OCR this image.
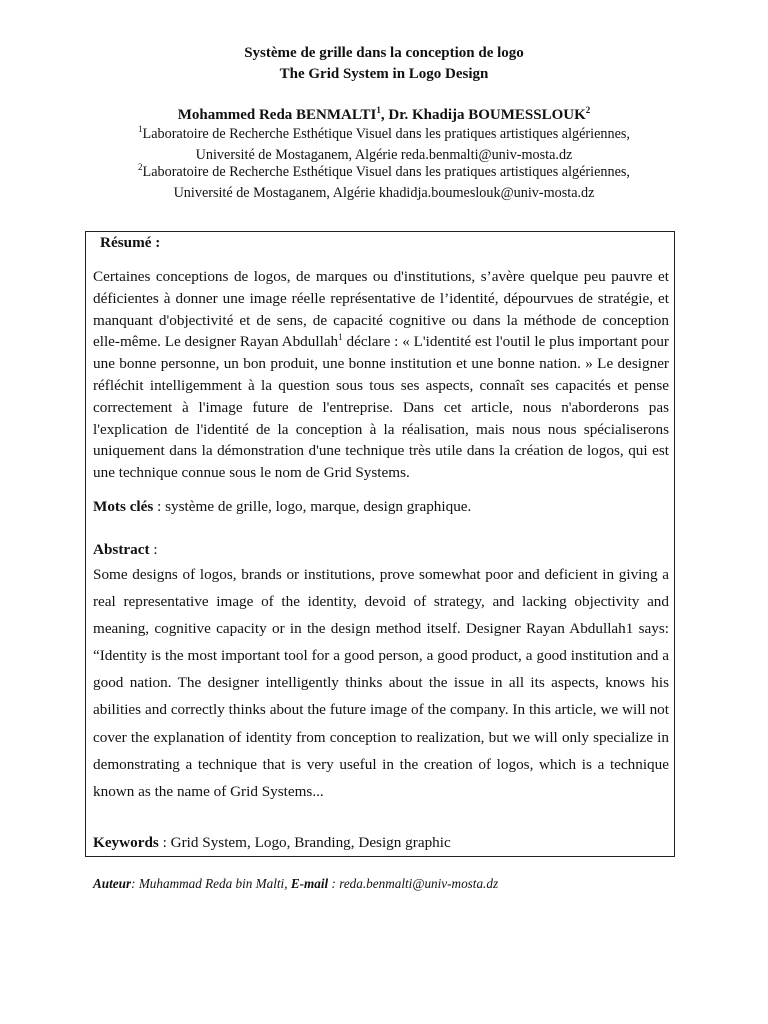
Système de grille dans la conception de logo
The Grid System in Logo Design
Mohammed Reda BENMALTI$^1$, Dr. Khadija BOUMESSLOUK$^2$
$^1$Laboratoire de Recherche Esthétique Visuel dans les pratiques artistiques algériennes,
Université de Mostaganem, Algérie reda.benmalti@univ-mosta.dz
$^2$Laboratoire de Recherche Esthétique Visuel dans les pratiques artistiques algériennes,
Université de Mostaganem, Algérie khadidja.boumeslouk@univ-mosta.dz
Résumé :
Certaines conceptions de logos, de marques ou d'institutions, s’avère quelque peu pauvre et déficientes à donner une image réelle représentative de l’identité, dépourvues de stratégie, et manquant d'objectivité et de sens, de capacité cognitive ou dans la méthode de conception elle-même. Le designer Rayan Abdullah$^1$ déclare : « L'identité est l'outil le plus important pour une bonne personne, un bon produit, une bonne institution et une bonne nation. » Le designer réfléchit intelligemment à la question sous tous ses aspects, connaît ses capacités et pense correctement à l'image future de l'entreprise. Dans cet article, nous n'aborderons pas l'explication de l'identité de la conception à la réalisation, mais nous nous spécialiserons uniquement dans la démonstration d'une technique très utile dans la création de logos, qui est une technique connue sous le nom de Grid Systems.
Mots clés : système de grille, logo, marque, design graphique.
Abstract :
Some designs of logos, brands or institutions, prove somewhat poor and deficient in giving a real representative image of the identity, devoid of strategy, and lacking objectivity and meaning, cognitive capacity or in the design method itself. Designer Rayan Abdullah1 says: “Identity is the most important tool for a good person, a good product, a good institution and a good nation. The designer intelligently thinks about the issue in all its aspects, knows his abilities and correctly thinks about the future image of the company. In this article, we will not cover the explanation of identity from conception to realization, but we will only specialize in demonstrating a technique that is very useful in the creation of logos, which is a technique known as the name of Grid Systems...
Keywords : Grid System, Logo, Branding, Design graphic
Auteur: Muhammad Reda bin Malti, E-mail : reda.benmalti@univ-mosta.dz
